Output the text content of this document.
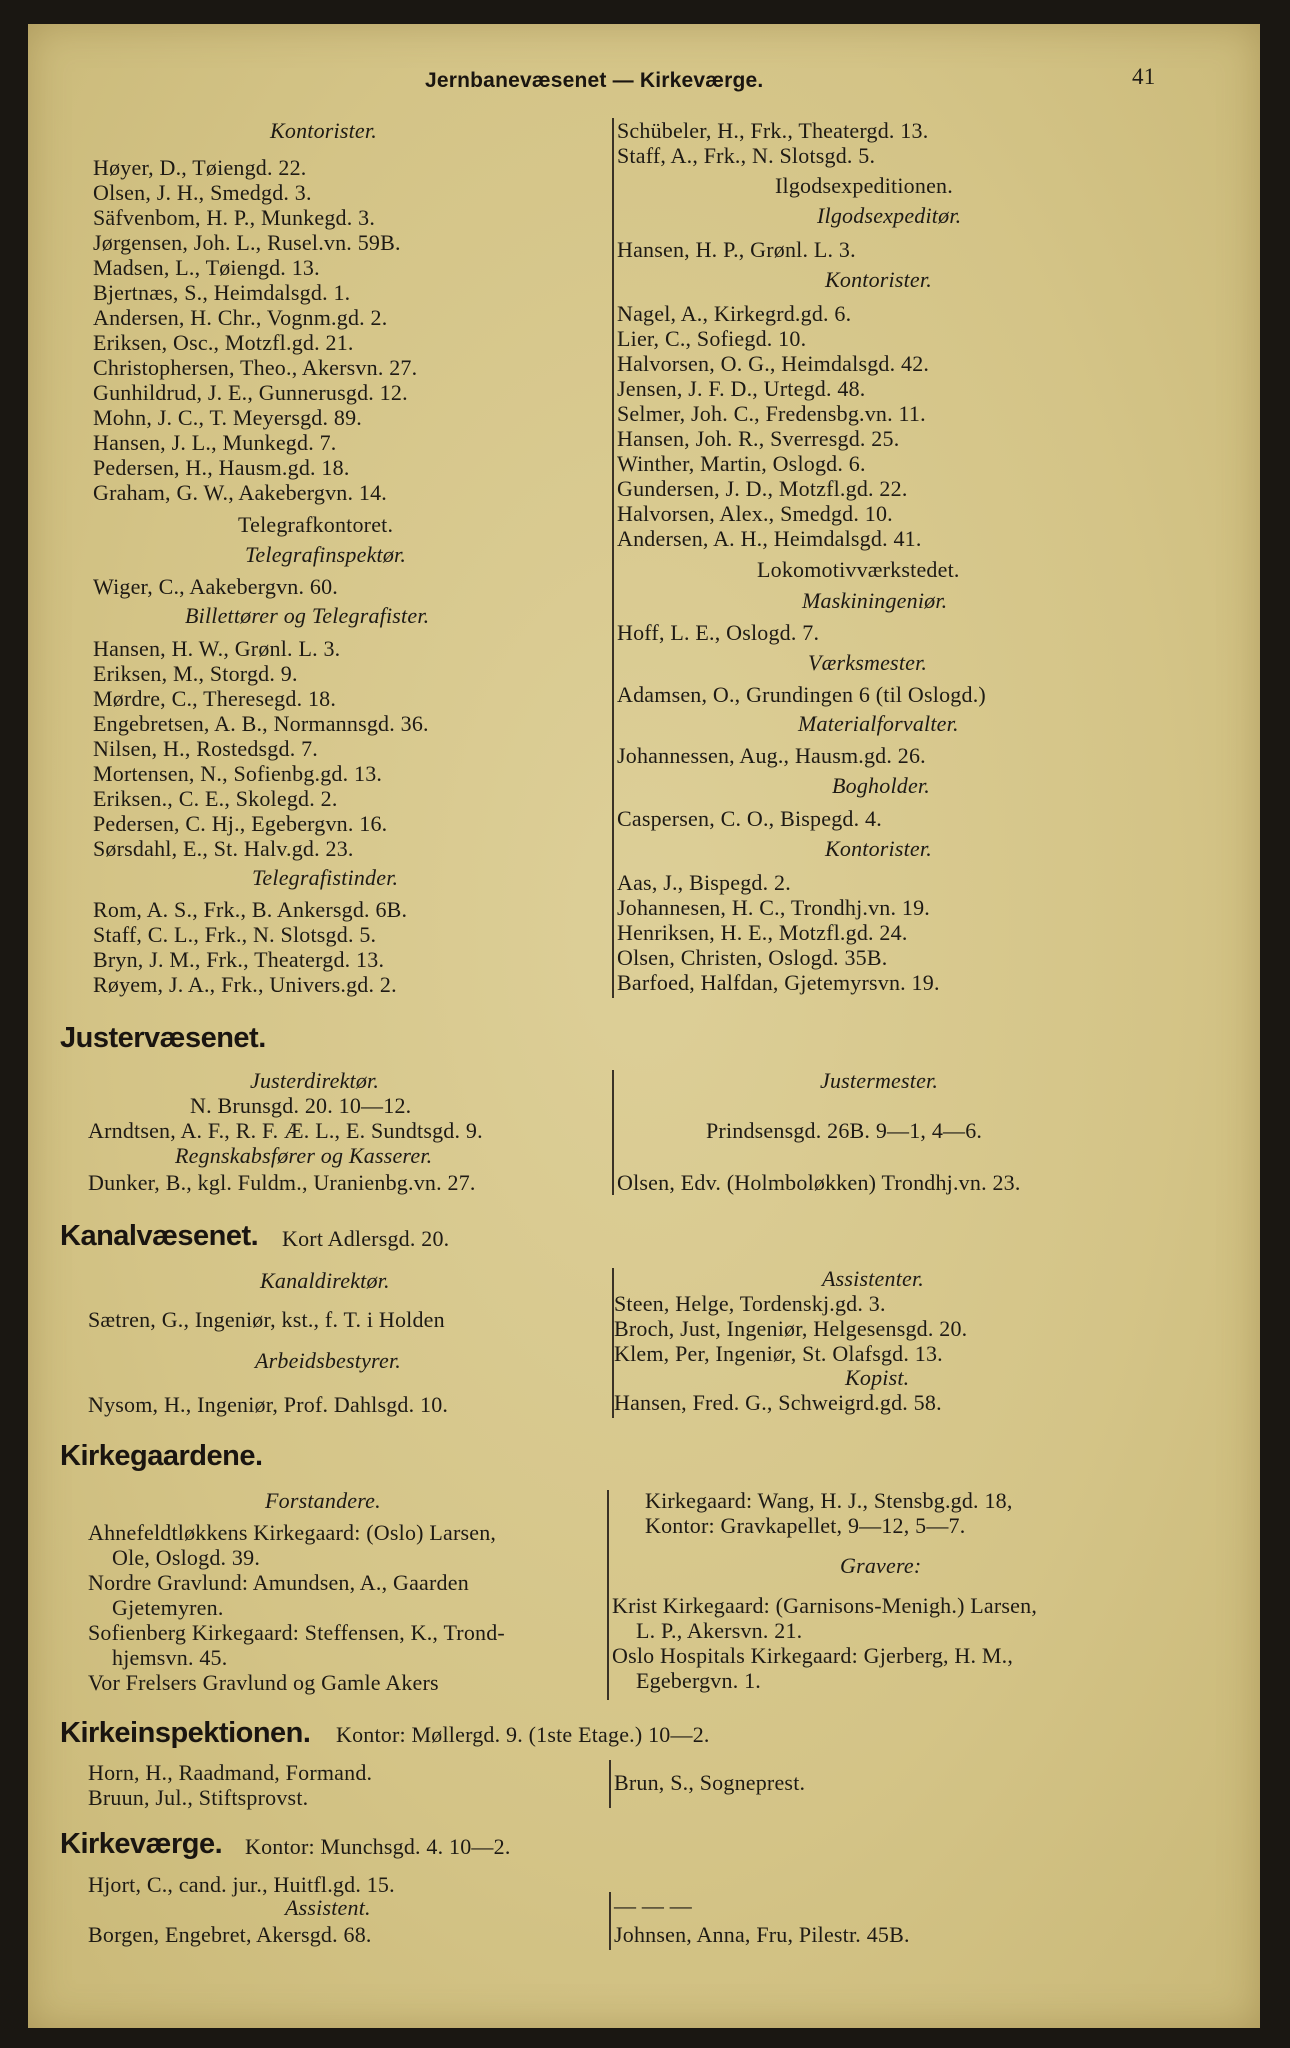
Jernbanevæsenet — Kirkeværge.	41
Kontorister.
Høyer, D., Tøiengd. 22.
Olsen, J. H., Smedgd. 3.
Säfvenbom, H. P., Munkegd. 3.
Jørgensen, Joh. L., Rusel.vn. 59B.
Madsen, L., Tøiengd. 13.
Bjertnæs, S., Heimdalsgd. 1.
Andersen, H. Chr., Vognm.gd. 2.
Eriksen, Osc., Motzfl.gd. 21.
Christophersen, Theo., Akersvn. 27.
Gunhildrud, J. E., Gunnerusgd. 12.
Mohn, J. C., T. Meyersgd. 89.
Hansen, J. L., Munkegd. 7.
Pedersen, H., Hausm.gd. 18.
Graham, G. W., Aakebergvn. 14.
Telegrafkontoret.
Telegrafinspektør.
Wiger, C., Aakebergvn. 60.
Billettører og Telegrafister.
Hansen, H. W., Grønl. L. 3.
Eriksen, M., Storgd. 9.
Mørdre, C., Theresegd. 18.
Engebretsen, A. B., Normannsgd. 36.
Nilsen, H., Rostedsgd. 7.
Mortensen, N., Sofienbg.gd. 13.
Eriksen., C. E., Skolegd. 2.
Pedersen, C. Hj., Egebergvn. 16.
Sørsdahl, E., St. Halv.gd. 23.
Telegrafistinder.
Rom, A. S., Frk., B. Ankersgd. 6B.
Staff, C. L., Frk., N. Slotsgd. 5.
Bryn, J. M., Frk., Theatergd. 13.
Røyem, J. A., Frk., Univers.gd. 2.
Schübeler, H., Frk., Theatergd. 13.
Staff, A., Frk., N. Slotsgd. 5.
Ilgodsexpeditionen.
Ilgodsexpeditør.
Hansen, H. P., Grønl. L. 3.
Kontorister.
Nagel, A., Kirkegrd.gd. 6.
Lier, C., Sofiegd. 10.
Halvorsen, O. G., Heimdalsgd. 42.
Jensen, J. F. D., Urtegd. 48.
Selmer, Joh. C., Fredensbg.vn. 11.
Hansen, Joh. R., Sverresgd. 25.
Winther, Martin, Oslogd. 6.
Gundersen, J. D., Motzfl.gd. 22.
Halvorsen, Alex., Smedgd. 10.
Andersen, A. H., Heimdalsgd. 41.
Lokomotivværkstedet.
Maskiningeniør.
Hoff, L. E., Oslogd. 7.
Værksmester.
Adamsen, O., Grundingen 6 (til Oslogd.)
Materialforvalter.
Johannessen, Aug., Hausm.gd. 26.
Bogholder.
Caspersen, C. O., Bispegd. 4.
Kontorister.
Aas, J., Bispegd. 2.
Johannesen, H. C., Trondhj.vn. 19.
Henriksen, H. E., Motzfl.gd. 24.
Olsen, Christen, Oslogd. 35B.
Barfoed, Halfdan, Gjetemyrsvn. 19.
Justervæsenet.
Justerdirektør.
N. Brunsgd. 20. 10—12.
Arndtsen, A. F., R. F. Æ. L., E. Sundtsgd. 9.
Regnskabsfører og Kasserer.
Dunker, B., kgl. Fuldm., Uranienbg.vn. 27.
Justermester.
Prindsensgd. 26B. 9—1, 4—6.
Olsen, Edv. (Holmboløkken) Trondhj.vn. 23.
Kanalvæsenet. Kort Adlersgd. 20.
Kanaldirektør.
Sætren, G., Ingeniør, kst., f. T. i Holden
Arbeidsbestyrer.
Nysom, H., Ingeniør, Prof. Dahlsgd. 10.
Assistenter.
Steen, Helge, Tordenskj.gd. 3.
Broch, Just, Ingeniør, Helgesensgd. 20.
Klem, Per, Ingeniør, St. Olafsgd. 13.
Kopist.
Hansen, Fred. G., Schweigrd.gd. 58.
Kirkegaardene.
Forstandere.
Ahnefeldtløkkens Kirkegaard: (Oslo) Larsen,
Ole, Oslogd. 39.
Nordre Gravlund: Amundsen, A., Gaarden
Gjetemyren.
Sofienberg Kirkegaard: Steffensen, K., Trond-
hjemsvn. 45.
Vor Frelsers Gravlund og Gamle Akers
Kirkegaard: Wang, H. J., Stensbg.gd. 18,
Kontor: Gravkapellet, 9—12, 5—7.
Gravere:
Krist Kirkegaard: (Garnisons-Menigh.) Larsen,
L. P., Akersvn. 21.
Oslo Hospitals Kirkegaard: Gjerberg, H. M.,
Egebergvn. 1.
Kirkeinspektionen. Kontor: Møllergd. 9. (1ste Etage.) 10—2.
Horn, H., Raadmand, Formand.
Bruun, Jul., Stiftsprovst.
Brun, S., Sogneprest.
Kirkeværge. Kontor: Munchsgd. 4. 10—2.
Hjort, C., cand. jur., Huitfl.gd. 15.
Assistent.
Borgen, Engebret, Akersgd. 68.
— — —
Johnsen, Anna, Fru, Pilestr. 45B.
